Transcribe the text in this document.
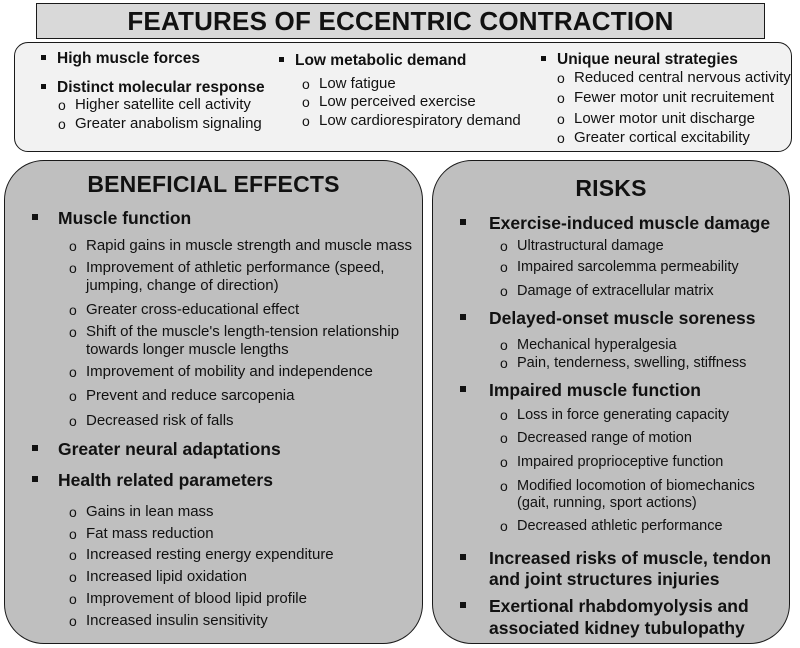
FEATURES OF ECCENTRIC CONTRACTION
High muscle forces
Distinct molecular response
o Higher satellite cell activity
o Greater anabolism signaling
Low metabolic demand
o Low fatigue
o Low perceived exercise
o Low cardiorespiratory demand
Unique neural strategies
o Reduced central nervous activity
o Fewer motor unit recruitement
o Lower motor unit discharge
o Greater cortical excitability
BENEFICIAL EFFECTS
Muscle function
o Rapid gains in muscle strength and muscle mass
o Improvement of athletic performance (speed,
jumping, change of direction)
o Greater cross-educational effect
o Shift of the muscle's length-tension relationship
towards longer muscle lengths
o Improvement of mobility and independence
o Prevent and reduce sarcopenia
o Decreased risk of falls
Greater neural adaptations
Health related parameters
o Gains in lean mass
o Fat mass reduction
o Increased resting energy expenditure
o Increased lipid oxidation
o Improvement of blood lipid profile
o Increased insulin sensitivity
RISKS
Exercise-induced muscle damage
o Ultrastructural damage
o Impaired sarcolemma permeability
o Damage of extracellular matrix
Delayed-onset muscle soreness
o Mechanical hyperalgesia
o Pain, tenderness, swelling, stiffness
Impaired muscle function
o Loss in force generating capacity
o Decreased range of motion
o Impaired proprioceptive function
o Modified locomotion of biomechanics
(gait, running, sport actions)
o Decreased athletic performance
Increased risks of muscle, tendon
and joint structures injuries
Exertional rhabdomyolysis and
associated kidney tubulopathy
